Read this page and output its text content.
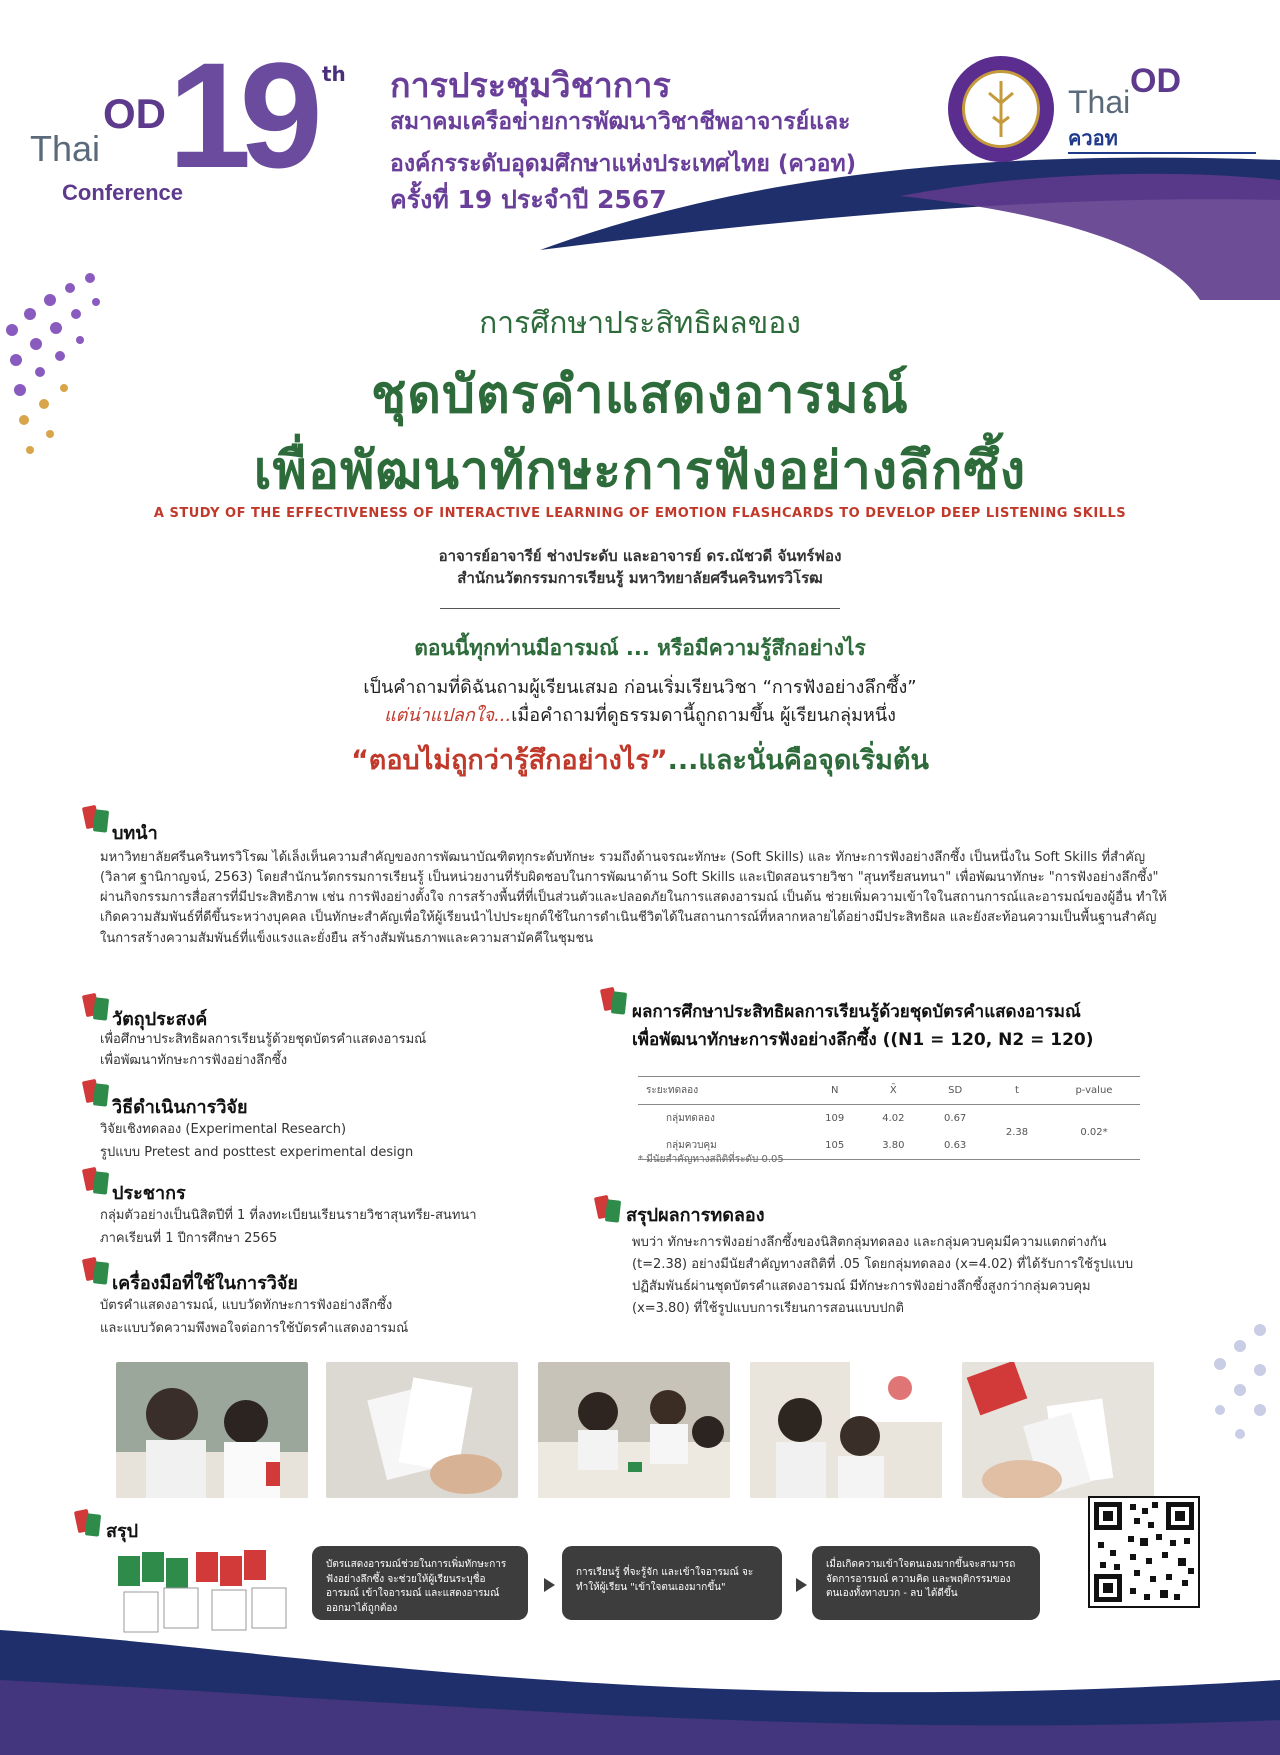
Thai
OD
Conference
19 th การประชุมวิชาการ
สมาคมเครือข่ายการพัฒนาวิชาชีพอาจารย์และ
องค์กรระดับอุดมศึกษาแห่งประเทศไทย (ควอท)
ครั้งที่ 19 ประจำปี 2567
Thai
OD
ควอท
การศึกษาประสิทธิผลของ
ชุดบัตรคำแสดงอารมณ์
เพื่อพัฒนาทักษะการฟังอย่างลึกซึ้ง
A STUDY OF THE EFFECTIVENESS OF INTERACTIVE LEARNING OF EMOTION FLASHCARDS TO DEVELOP DEEP LISTENING SKILLS
อาจารย์อาจารีย์ ช่างประดับ และอาจารย์ ดร.ณัชวดี จันทร์ฟอง
สำนักนวัตกรรมการเรียนรู้ มหาวิทยาลัยศรีนครินทรวิโรฒ
ตอนนี้ทุกท่านมีอารมณ์ ... หรือมีความรู้สึกอย่างไร
เป็นคำถามที่ดิฉันถามผู้เรียนเสมอ ก่อนเริ่มเรียนวิชา “การฟังอย่างลึกซึ้ง”
แต่น่าแปลกใจ...เมื่อคำถามที่ดูธรรมดานี้ถูกถามขึ้น ผู้เรียนกลุ่มหนึ่ง
“ตอบไม่ถูกว่ารู้สึกอย่างไร”...และนั่นคือจุดเริ่มต้น
บทนำ
มหาวิทยาลัยศรีนครินทรวิโรฒ ได้เล็งเห็นความสำคัญของการพัฒนาบัณฑิตทุกระดับทักษะ รวมถึงด้านจรณะทักษะ (Soft Skills) และ ทักษะการฟังอย่างลึกซึ้ง เป็นหนึ่งใน Soft Skills ที่สำคัญ (วิลาศ ฐานิกาญจน์, 2563) โดยสำนักนวัตกรรมการเรียนรู้ เป็นหน่วยงานที่รับผิดชอบในการพัฒนาด้าน Soft Skills และเปิดสอนรายวิชา "สุนทรียสนทนา" เพื่อพัฒนาทักษะ "การฟังอย่างลึกซึ้ง" ผ่านกิจกรรมการสื่อสารที่มีประสิทธิภาพ เช่น การฟังอย่างตั้งใจ การสร้างพื้นที่ที่เป็นส่วนตัวและปลอดภัยในการแสดงอารมณ์ เป็นต้น ช่วยเพิ่มความเข้าใจในสถานการณ์และอารมณ์ของผู้อื่น ทำให้เกิดความสัมพันธ์ที่ดีขึ้นระหว่างบุคคล เป็นทักษะสำคัญเพื่อให้ผู้เรียนนำไปประยุกต์ใช้ในการดำเนินชีวิตได้ในสถานการณ์ที่หลากหลายได้อย่างมีประสิทธิผล และยังสะท้อนความเป็นพื้นฐานสำคัญในการสร้างความสัมพันธ์ที่แข็งแรงและยั่งยืน สร้างสัมพันธภาพและความสามัคคีในชุมชน
วัตถุประสงค์
เพื่อศึกษาประสิทธิผลการเรียนรู้ด้วยชุดบัตรคำแสดงอารมณ์
เพื่อพัฒนาทักษะการฟังอย่างลึกซึ้ง
วิธีดำเนินการวิจัย
วิจัยเชิงทดลอง (Experimental Research)
รูปแบบ Pretest and posttest experimental design
ประชากร
กลุ่มตัวอย่างเป็นนิสิตปีที่ 1 ที่ลงทะเบียนเรียนรายวิชาสุนทรีย-สนทนา
ภาคเรียนที่ 1 ปีการศึกษา 2565
เครื่องมือที่ใช้ในการวิจัย
บัตรคำแสดงอารมณ์, แบบวัดทักษะการฟังอย่างลึกซึ้ง
และแบบวัดความพึงพอใจต่อการใช้บัตรคำแสดงอารมณ์
ผลการศึกษาประสิทธิผลการเรียนรู้ด้วยชุดบัตรคำแสดงอารมณ์
เพื่อพัฒนาทักษะการฟังอย่างลึกซึ้ง ((N1 = 120, N2 = 120)
ระยะทดลอง	N	X̄	SD	t	p-value
กลุ่มทดลอง	109	4.02	0.67	2.38	0.02*
กลุ่มควบคุม	105	3.80	0.63		
* มีนัยสำคัญทางสถิติที่ระดับ 0.05
สรุปผลการทดลอง
พบว่า ทักษะการฟังอย่างลึกซึ้งของนิสิตกลุ่มทดลอง และกลุ่มควบคุมมีความแตกต่างกัน (t=2.38) อย่างมีนัยสำคัญทางสถิติที่ .05 โดยกลุ่มทดลอง (x=4.02) ที่ได้รับการใช้รูปแบบปฏิสัมพันธ์ผ่านชุดบัตรคำแสดงอารมณ์ มีทักษะการฟังอย่างลึกซึ้งสูงกว่ากลุ่มควบคุม (x=3.80) ที่ใช้รูปแบบการเรียนการสอนแบบปกติ
สรุป
บัตรแสดงอารมณ์ช่วยในการเพิ่มทักษะการฟังอย่างลึกซึ้ง จะช่วยให้ผู้เรียนระบุชื่ออารมณ์ เข้าใจอารมณ์ และแสดงอารมณ์ออกมาได้ถูกต้อง
การเรียนรู้ ที่จะรู้จัก และเข้าใจอารมณ์ จะทำให้ผู้เรียน "เข้าใจตนเองมากขึ้น"
เมื่อเกิดความเข้าใจตนเองมากขึ้นจะสามารถจัดการอารมณ์ ความคิด และพฤติกรรมของตนเองทั้งทางบวก - ลบ ได้ดีขึ้น
